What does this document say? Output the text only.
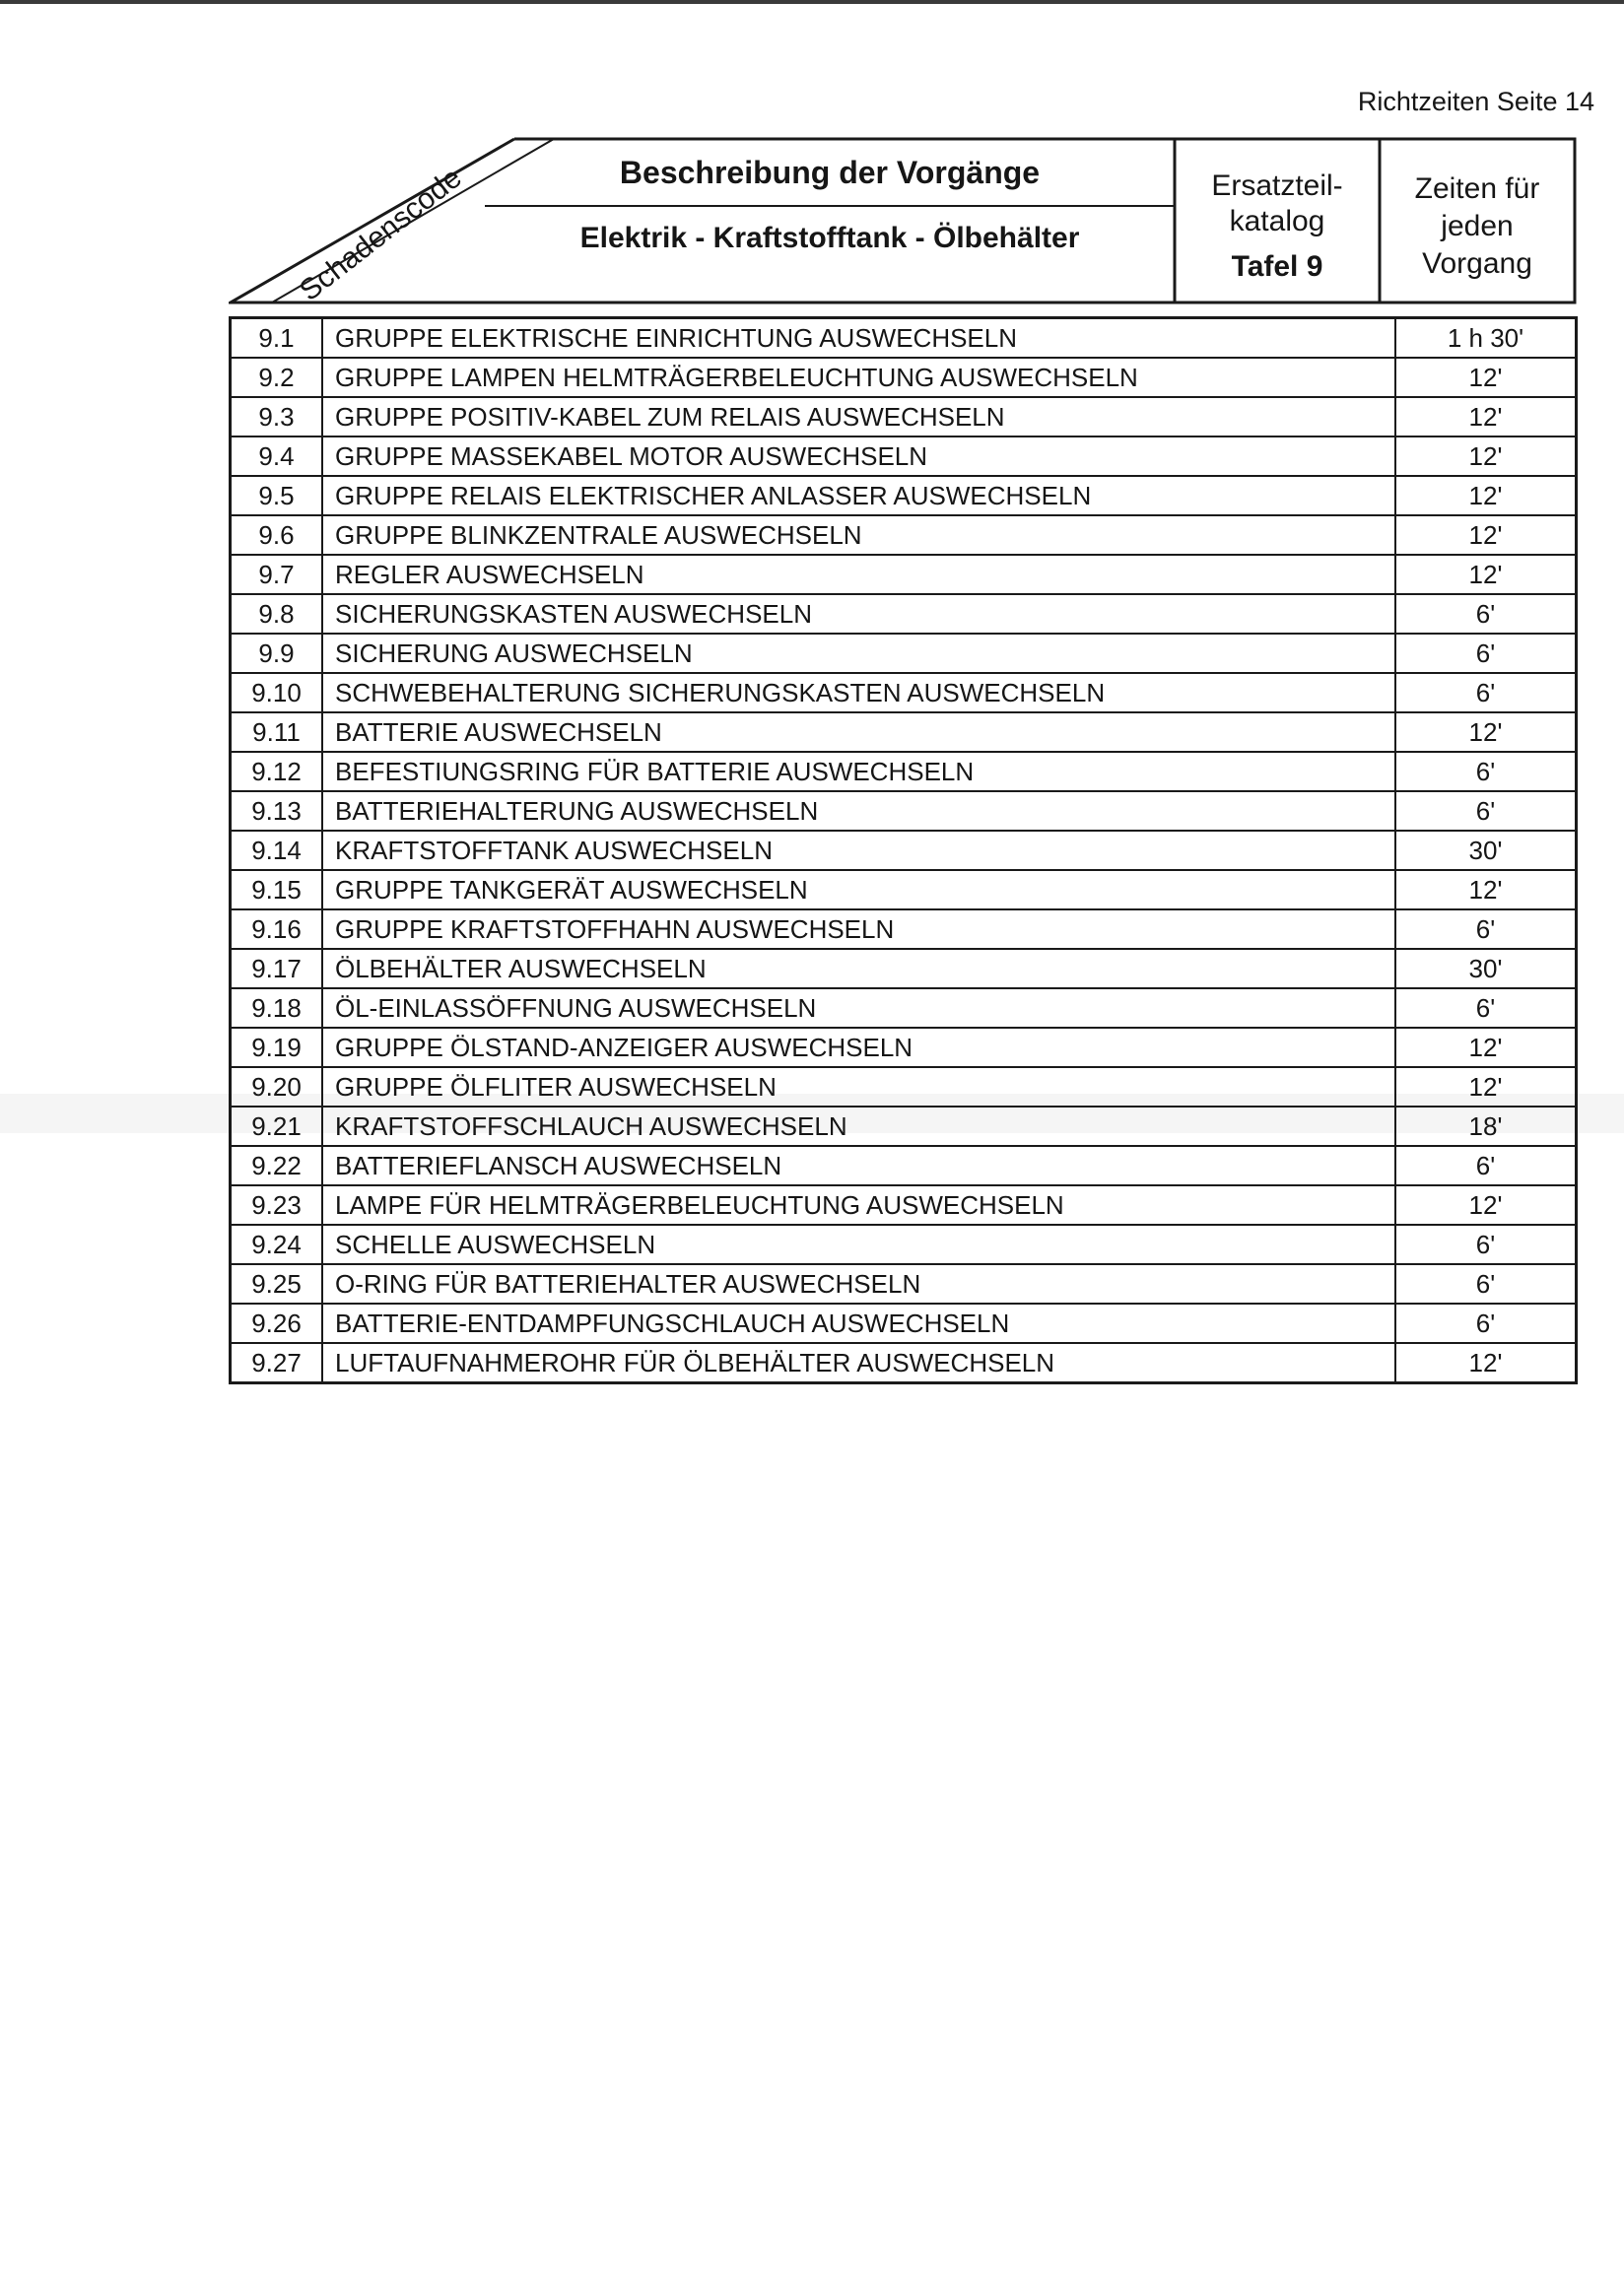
Richtzeiten Seite 14
Beschreibung der Vorgänge
Elektrik - Kraftstofftank - Ölbehälter
Ersatzteil-
katalog
Tafel 9
Zeiten für
jeden
Vorgang
Schadenscode
9.1	GRUPPE ELEKTRISCHE EINRICHTUNG AUSWECHSELN	1 h 30'
9.2	GRUPPE LAMPEN HELMTRÄGERBELEUCHTUNG AUSWECHSELN	12'
9.3	GRUPPE POSITIV-KABEL ZUM RELAIS AUSWECHSELN	12'
9.4	GRUPPE MASSEKABEL MOTOR AUSWECHSELN	12'
9.5	GRUPPE RELAIS ELEKTRISCHER ANLASSER AUSWECHSELN	12'
9.6	GRUPPE BLINKZENTRALE AUSWECHSELN	12'
9.7	REGLER AUSWECHSELN	12'
9.8	SICHERUNGSKASTEN AUSWECHSELN	6'
9.9	SICHERUNG AUSWECHSELN	6'
9.10	SCHWEBEHALTERUNG SICHERUNGSKASTEN AUSWECHSELN	6'
9.11	BATTERIE AUSWECHSELN	12'
9.12	BEFESTIUNGSRING FÜR BATTERIE AUSWECHSELN	6'
9.13	BATTERIEHALTERUNG AUSWECHSELN	6'
9.14	KRAFTSTOFFTANK AUSWECHSELN	30'
9.15	GRUPPE TANKGERÄT AUSWECHSELN	12'
9.16	GRUPPE KRAFTSTOFFHAHN AUSWECHSELN	6'
9.17	ÖLBEHÄLTER AUSWECHSELN	30'
9.18	ÖL-EINLASSÖFFNUNG AUSWECHSELN	6'
9.19	GRUPPE ÖLSTAND-ANZEIGER AUSWECHSELN	12'
9.20	GRUPPE ÖLFLITER AUSWECHSELN	12'
9.21	KRAFTSTOFFSCHLAUCH AUSWECHSELN	18'
9.22	BATTERIEFLANSCH AUSWECHSELN	6'
9.23	LAMPE FÜR HELMTRÄGERBELEUCHTUNG AUSWECHSELN	12'
9.24	SCHELLE AUSWECHSELN	6'
9.25	O-RING FÜR BATTERIEHALTER AUSWECHSELN	6'
9.26	BATTERIE-ENTDAMPFUNGSCHLAUCH AUSWECHSELN	6'
9.27	LUFTAUFNAHMEROHR FÜR ÖLBEHÄLTER AUSWECHSELN	12'
